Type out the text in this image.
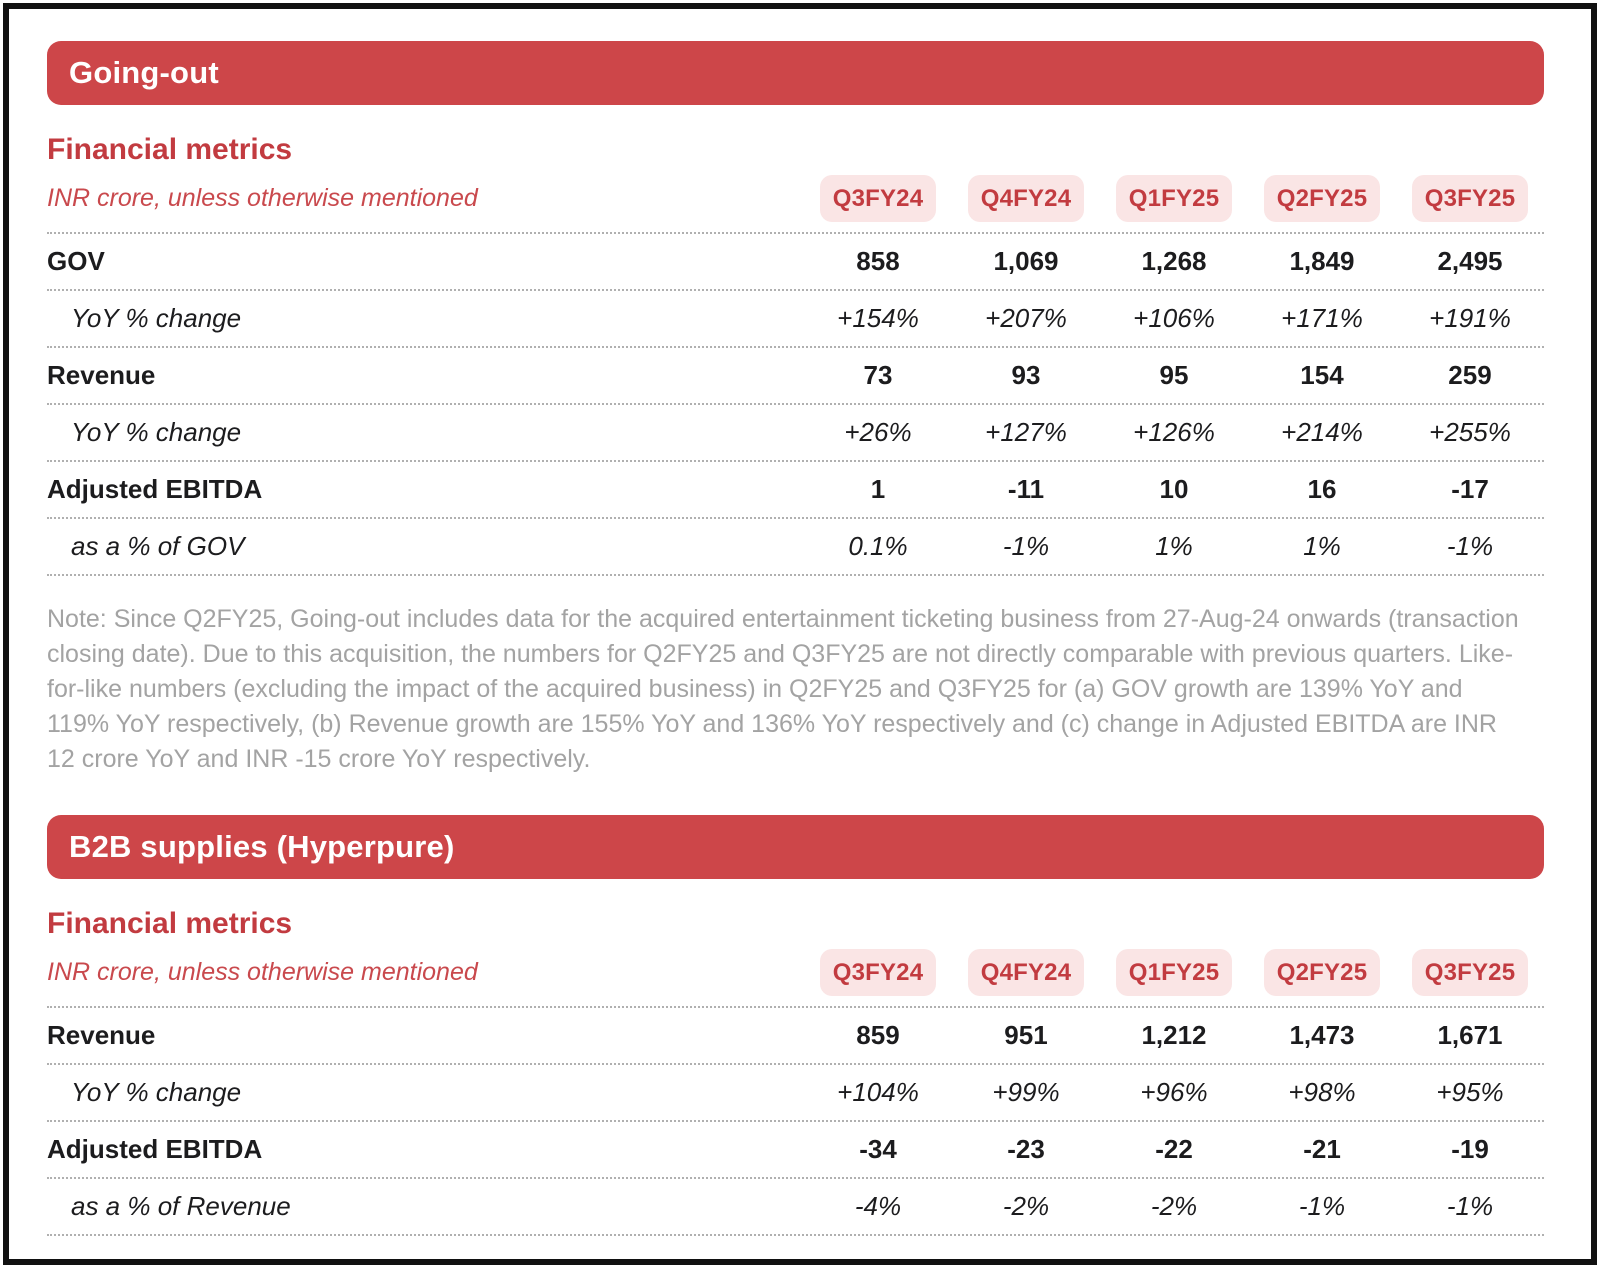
Going-out
Financial metrics
INR crore, unless otherwise mentioned	Q3FY24	Q4FY24	Q1FY25	Q2FY25	Q3FY25
GOV	858	1,069	1,268	1,849	2,495
YoY % change	+154%	+207%	+106%	+171%	+191%
Revenue	73	93	95	154	259
YoY % change	+26%	+127%	+126%	+214%	+255%
Adjusted EBITDA	1	-11	10	16	-17
as a % of GOV	0.1%	-1%	1%	1%	-1%

Note: Since Q2FY25, Going-out includes data for the acquired entertainment ticketing business from 27-Aug-24 onwards (transaction closing date). Due to this acquisition, the numbers for Q2FY25 and Q3FY25 are not directly comparable with previous quarters. Like-for-like numbers (excluding the impact of the acquired business) in Q2FY25 and Q3FY25 for (a) GOV growth are 139% YoY and 119% YoY respectively, (b) Revenue growth are 155% YoY and 136% YoY respectively and (c) change in Adjusted EBITDA are INR 12 crore YoY and INR -15 crore YoY respectively.

B2B supplies (Hyperpure)
Financial metrics
INR crore, unless otherwise mentioned	Q3FY24	Q4FY24	Q1FY25	Q2FY25	Q3FY25
Revenue	859	951	1,212	1,473	1,671
YoY % change	+104%	+99%	+96%	+98%	+95%
Adjusted EBITDA	-34	-23	-22	-21	-19
as a % of Revenue	-4%	-2%	-2%	-1%	-1%
